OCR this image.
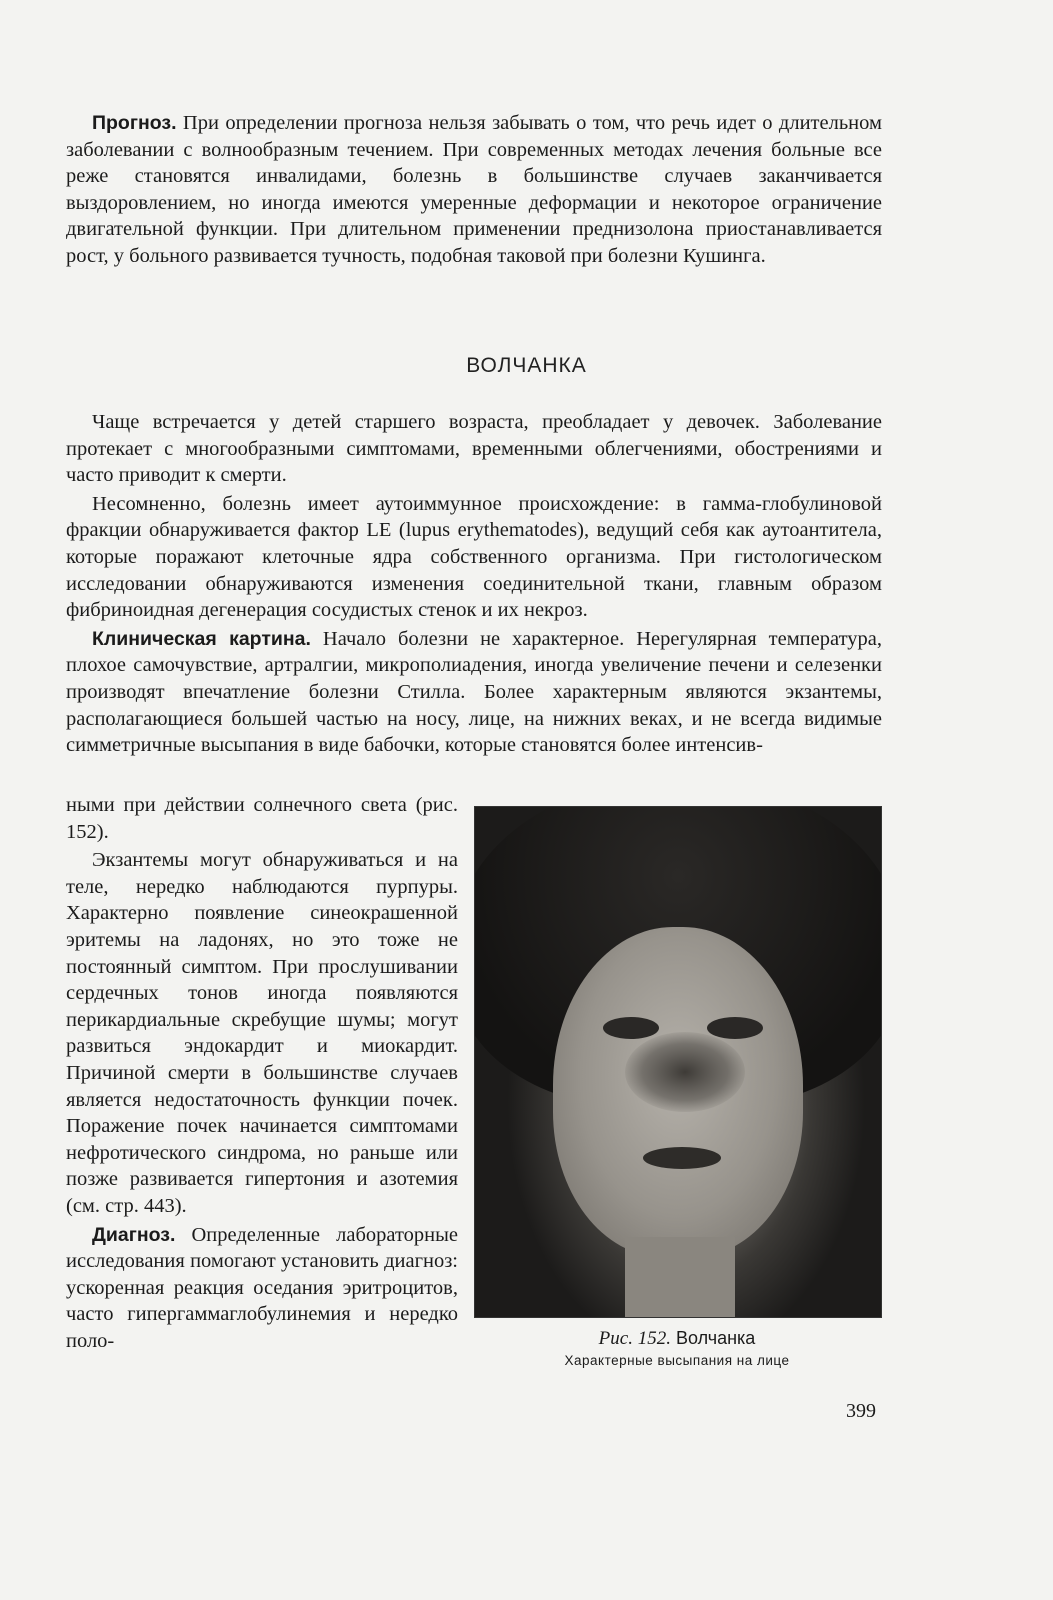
Прогноз. При определении прогноза нельзя забывать о том, что речь идет о длительном заболевании с волнообразным течением. При современных методах лечения больные все реже становятся инвалидами, болезнь в большинстве случаев заканчивается выздоровлением, но иногда имеются умеренные деформации и некоторое ограничение двигательной функции. При длительном применении преднизолона приостанавливается рост, у больного развивается тучность, подобная таковой при болезни Кушинга.

ВОЛЧАНКА

Чаще встречается у детей старшего возраста, преобладает у девочек. Заболевание протекает с многообразными симптомами, временными облегчениями, обострениями и часто приводит к смерти.

Несомненно, болезнь имеет аутоиммунное происхождение: в гамма-глобулиновой фракции обнаруживается фактор LE (lupus erythematodes), ведущий себя как аутоантитела, которые поражают клеточные ядра собственного организма. При гистологическом исследовании обнаруживаются изменения соединительной ткани, главным образом фибриноидная дегенерация сосудистых стенок и их некроз.

Клиническая картина. Начало болезни не характерное. Нерегулярная температура, плохое самочувствие, артралгии, микрополиадения, иногда увеличение печени и селезенки производят впечатление болезни Стилла. Более характерным являются экзантемы, располагающиеся большей частью на носу, лице, на нижних веках, и не всегда видимые симметричные высыпания в виде бабочки, которые становятся более интенсив-

ными при действии солнечного света (рис. 152).

Экзантемы могут обнаруживаться и на теле, нередко наблюдаются пурпуры. Характерно появление синеокрашенной эритемы на ладонях, но это тоже не постоянный симптом. При прослушивании сердечных тонов иногда появляются перикардиальные скребущие шумы; могут развиться эндокардит и миокардит. Причиной смерти в большинстве случаев является недостаточность функции почек. Поражение почек начинается симптомами нефротического синдрома, но раньше или позже развивается гипертония и азотемия (см. стр. 443).

Диагноз. Определенные лабораторные исследования помогают установить диагноз: ускоренная реакция оседания эритроцитов, часто гипергаммаглобулинемия и нередко поло-	Рис. 152. Волчанка
Характерные высыпания на лице
399
